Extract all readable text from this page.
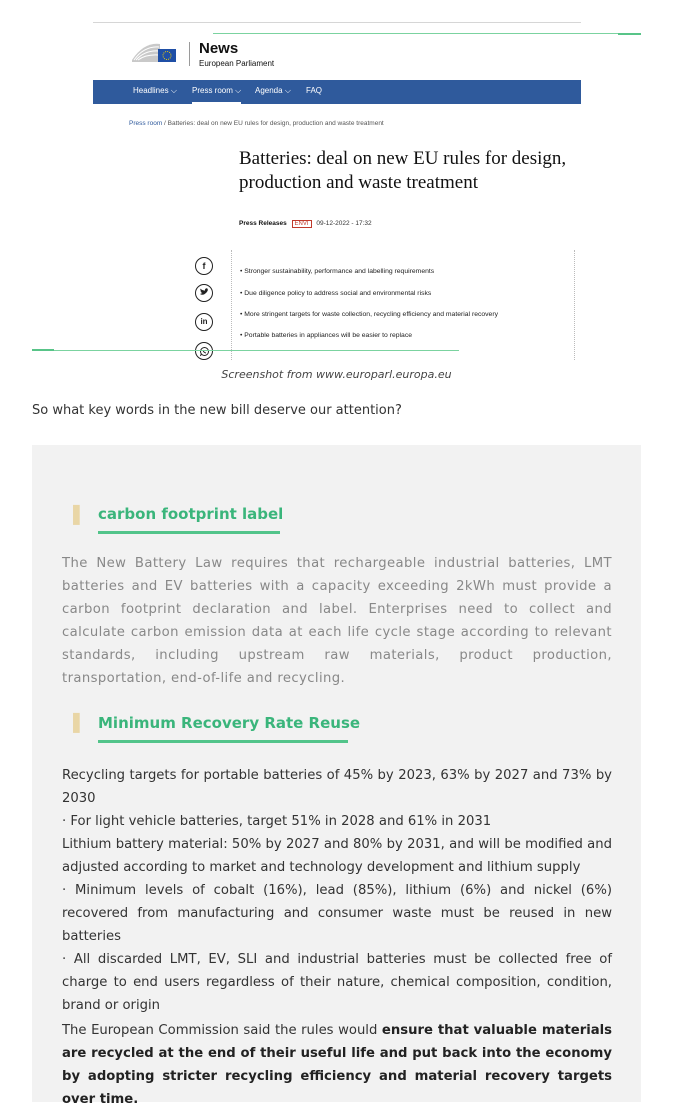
News
European Parliament
Headlines ⌵ Press room ⌵ Agenda ⌵ FAQ
Press room / Batteries: deal on new EU rules for design, production and waste treatment
Batteries: deal on new EU rules for design, production and waste treatment
Press Releases ENVI 09-12-2022 - 17:32
f
in
• Stronger sustainability, performance and labelling requirements
• Due diligence policy to address social and environmental risks
• More stringent targets for waste collection, recycling efficiency and material recovery
• Portable batteries in appliances will be easier to replace
Screenshot from www.europarl.europa.eu
So what key words in the new bill deserve our attention?
❚ carbon footprint label
The New Battery Law requires that rechargeable industrial batteries, LMT batteries and EV batteries with a capacity exceeding 2kWh must provide a carbon footprint declaration and label. Enterprises need to collect and calculate carbon emission data at each life cycle stage according to relevant standards, including upstream raw materials, product production, transportation, end-of-life and recycling.
❚ Minimum Recovery Rate Reuse
Recycling targets for portable batteries of 45% by 2023, 63% by 2027 and 73% by 2030
· For light vehicle batteries, target 51% in 2028 and 61% in 2031
Lithium battery material: 50% by 2027 and 80% by 2031, and will be modified and adjusted according to market and technology development and lithium supply
· Minimum levels of cobalt (16%), lead (85%), lithium (6%) and nickel (6%) recovered from manufacturing and consumer waste must be reused in new batteries
· All discarded LMT, EV, SLI and industrial batteries must be collected free of charge to end users regardless of their nature, chemical composition, condition, brand or origin
The European Commission said the rules would ensure that valuable materials are recycled at the end of their useful life and put back into the economy by adopting stricter recycling efficiency and material recovery targets over time.
